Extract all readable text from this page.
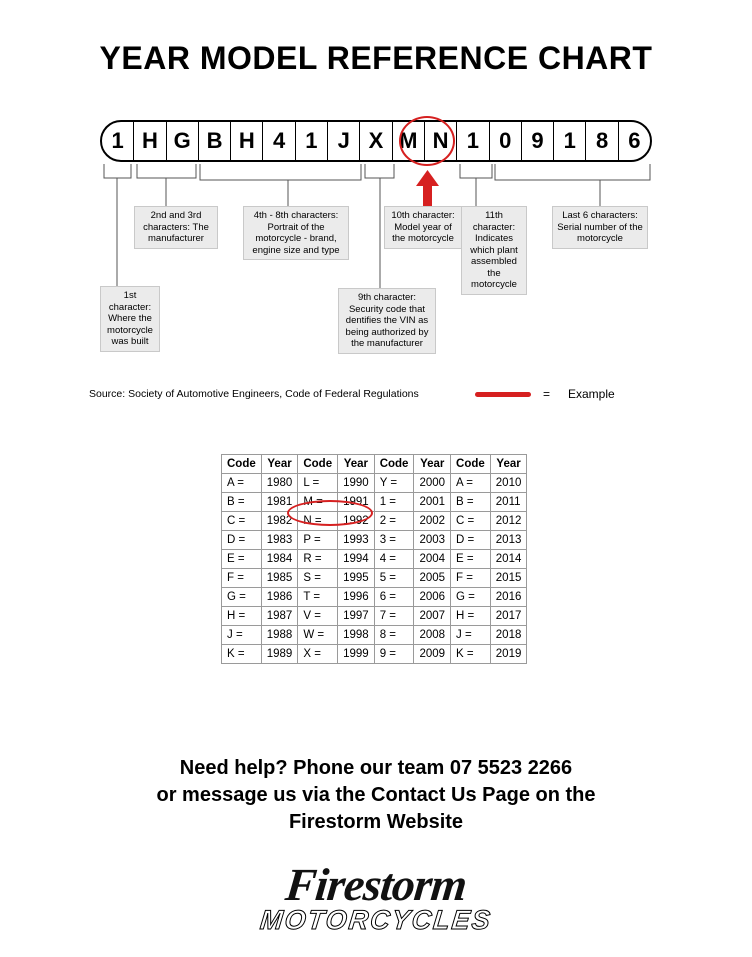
YEAR MODEL REFERENCE CHART
1 H G B H 4 1 J X M N 1 0 9 1 8 6
1st character: Where the motorcycle was built
2nd and 3rd characters: The manufacturer
4th - 8th characters: Portrait of the motorcycle - brand, engine size and type
9th character: Security code that dentifies the VIN as being authorized by the manufacturer
10th character: Model year of the motorcycle
11th character: Indicates which plant assembled the motorcycle
Last 6 characters: Serial number of the motorcycle
Source: Society of Automotive Engineers, Code of Federal Regulations	= Example
Code	Year	Code	Year	Code	Year	Code	Year
A =	1980	L =	1990	Y =	2000	A =	2010
B =	1981	M =	1991	1 =	2001	B =	2011
C =	1982	N =	1992	2 =	2002	C =	2012
D =	1983	P =	1993	3 =	2003	D =	2013
E =	1984	R =	1994	4 =	2004	E =	2014
F =	1985	S =	1995	5 =	2005	F =	2015
G =	1986	T =	1996	6 =	2006	G =	2016
H =	1987	V =	1997	7 =	2007	H =	2017
J =	1988	W =	1998	8 =	2008	J =	2018
K =	1989	X =	1999	9 =	2009	K =	2019
Need help? Phone our team 07 5523 2266
or message us via the Contact Us Page on the
Firestorm Website
Firestorm
MOTORCYCLES
